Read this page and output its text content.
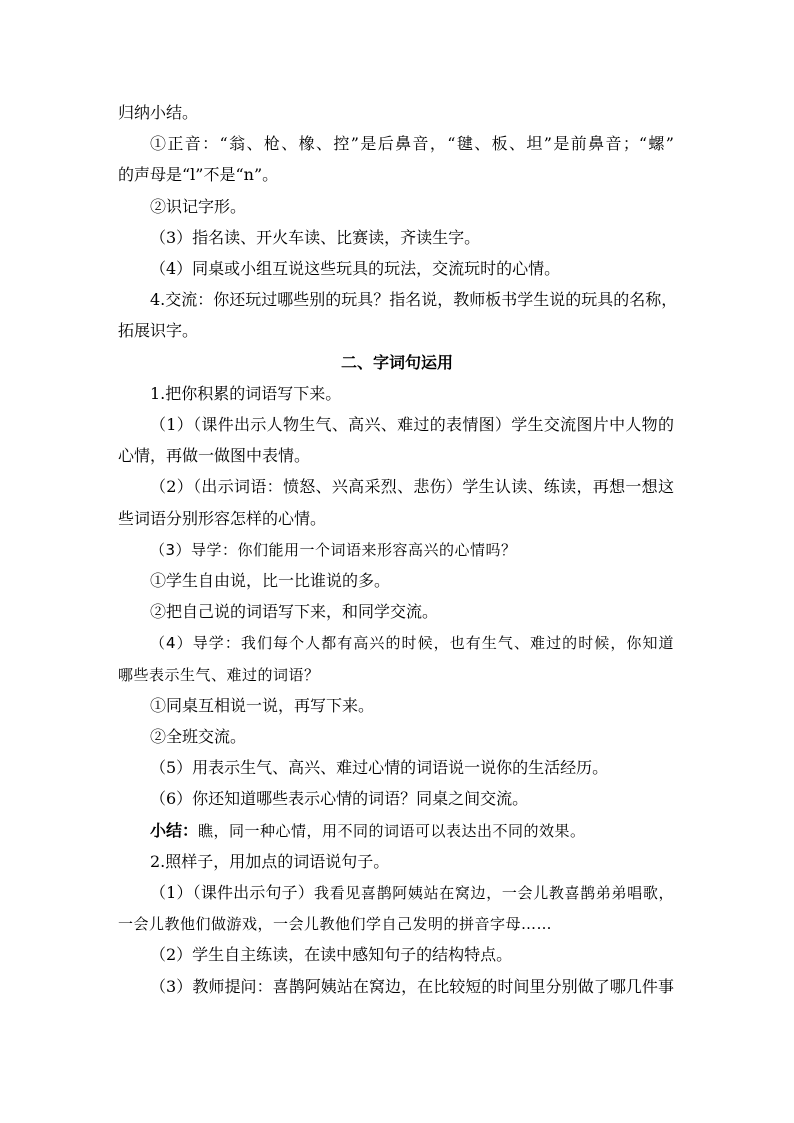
归纳小结。
①正音：“翁、枪、橡、控”是后鼻音，“毽、板、坦”是前鼻音；“螺”
的声母是“l”不是“n”。
②识记字形。
（3）指名读、开火车读、比赛读，齐读生字。
（4）同桌或小组互说这些玩具的玩法，交流玩时的心情。
4.交流：你还玩过哪些别的玩具？指名说，教师板书学生说的玩具的名称，
拓展识字。
二、字词句运用
1.把你积累的词语写下来。
（1）（课件出示人物生气、高兴、难过的表情图）学生交流图片中人物的
心情，再做一做图中表情。
（2）（出示词语：愤怒、兴高采烈、悲伤）学生认读、练读，再想一想这
些词语分别形容怎样的心情。
（3）导学：你们能用一个词语来形容高兴的心情吗？
①学生自由说，比一比谁说的多。
②把自己说的词语写下来，和同学交流。
（4）导学：我们每个人都有高兴的时候，也有生气、难过的时候，你知道
哪些表示生气、难过的词语？
①同桌互相说一说，再写下来。
②全班交流。
（5）用表示生气、高兴、难过心情的词语说一说你的生活经历。
（6）你还知道哪些表示心情的词语？同桌之间交流。
小结：瞧，同一种心情，用不同的词语可以表达出不同的效果。
2.照样子，用加点的词语说句子。
（1）（课件出示句子）我看见喜鹊阿姨站在窝边，一会儿教喜鹊弟弟唱歌，
一会儿教他们做游戏，一会儿教他们学自己发明的拼音字母……
（2）学生自主练读，在读中感知句子的结构特点。
（3）教师提问：喜鹊阿姨站在窝边，在比较短的时间里分别做了哪几件事
